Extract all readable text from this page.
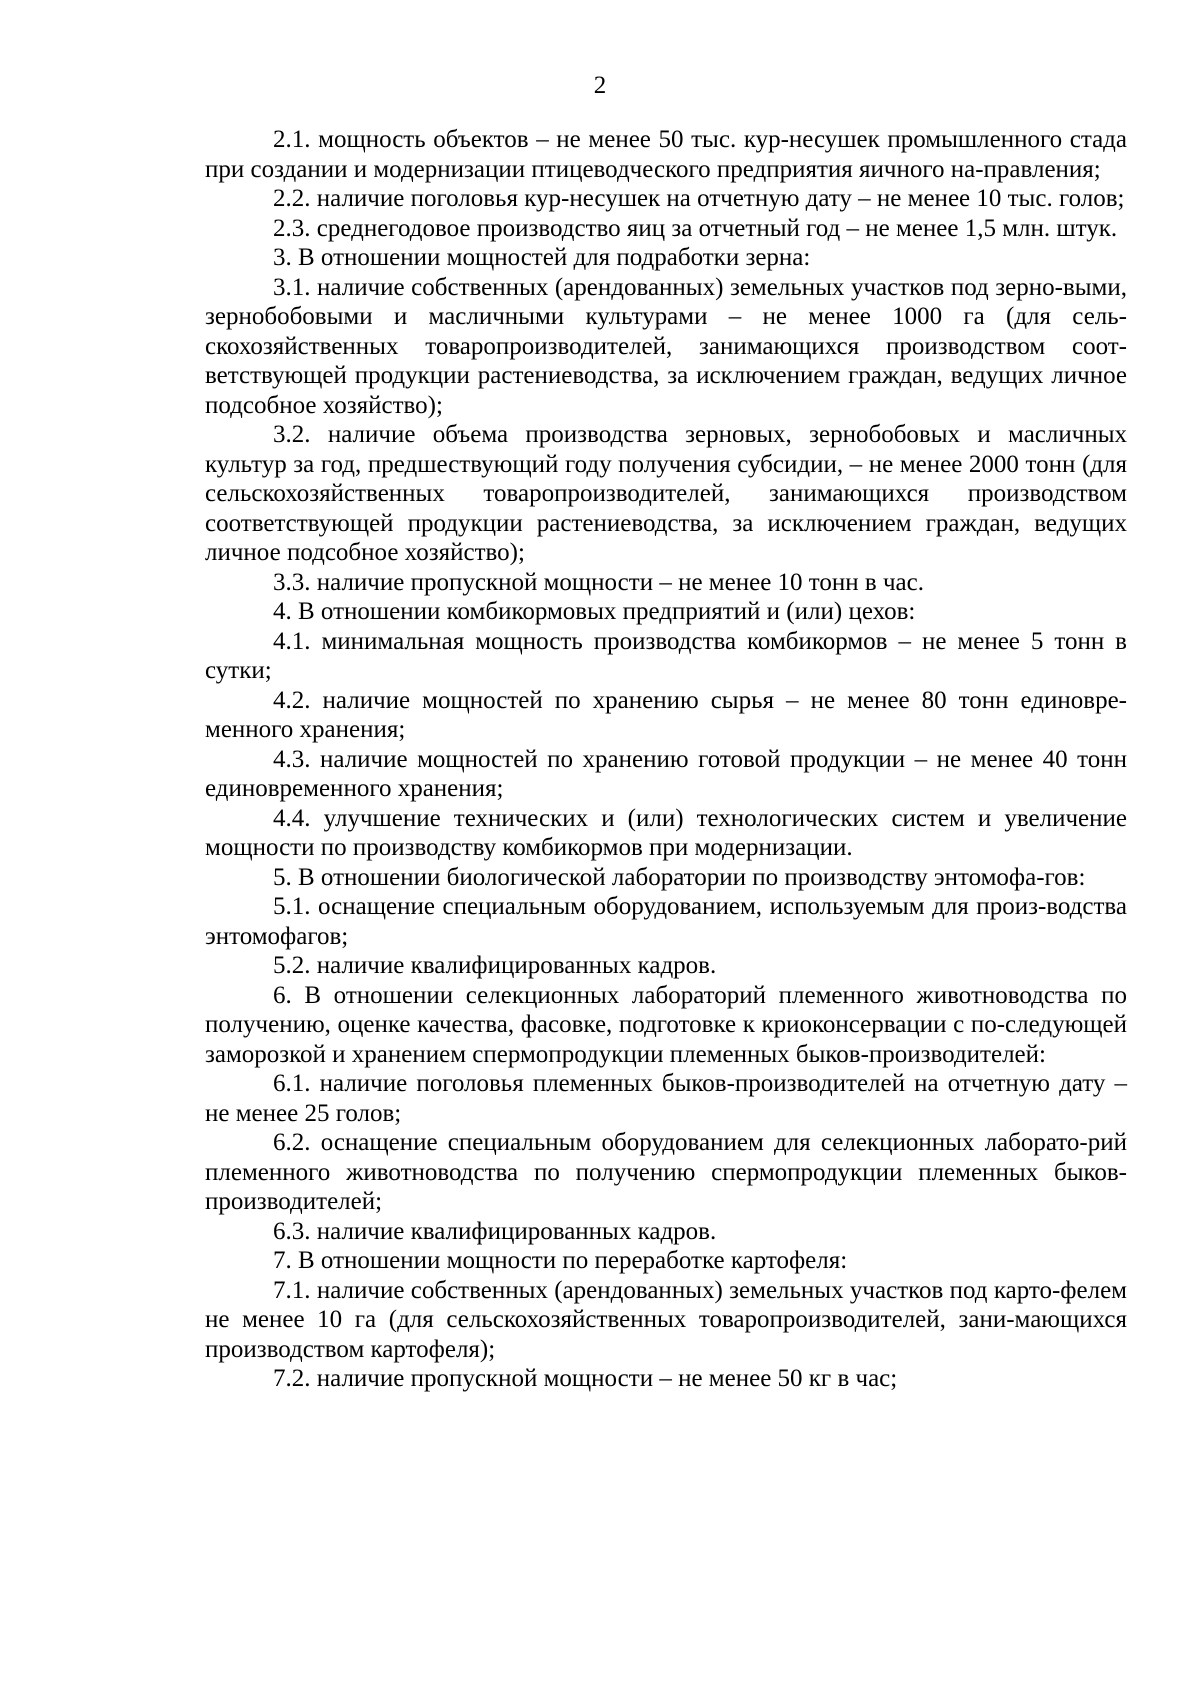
2

2.1. мощность объектов – не менее 50 тыс. кур-несушек промышленного стада при создании и модернизации птицеводческого предприятия яичного на-правления;

2.2. наличие поголовья кур-несушек на отчетную дату – не менее 10 тыс. голов;

2.3. среднегодовое производство яиц за отчетный год – не менее 1,5 млн. штук.

3. В отношении мощностей для подработки зерна:

3.1. наличие собственных (арендованных) земельных участков под зерно-выми, зернобобовыми и масличными культурами – не менее 1000 га (для сель-скохозяйственных товаропроизводителей, занимающихся производством соот-ветствующей продукции растениеводства, за исключением граждан, ведущих личное подсобное хозяйство);

3.2. наличие объема производства зерновых, зернобобовых и масличных культур за год, предшествующий году получения субсидии, – не менее 2000 тонн (для сельскохозяйственных товаропроизводителей, занимающихся производством соответствующей продукции растениеводства, за исключением граждан, ведущих личное подсобное хозяйство);

3.3. наличие пропускной мощности – не менее 10 тонн в час.

4. В отношении комбикормовых предприятий и (или) цехов:

4.1. минимальная мощность производства комбикормов – не менее 5 тонн в сутки;

4.2. наличие мощностей по хранению сырья – не менее 80 тонн единовре-менного хранения;

4.3. наличие мощностей по хранению готовой продукции – не менее 40 тонн единовременного хранения;

4.4. улучшение технических и (или) технологических систем и увеличение мощности по производству комбикормов при модернизации.

5. В отношении биологической лаборатории по производству энтомофа-гов:

5.1. оснащение специальным оборудованием, используемым для произ-водства энтомофагов;

5.2. наличие квалифицированных кадров.

6. В отношении селекционных лабораторий племенного животноводства по получению, оценке качества, фасовке, подготовке к криоконсервации с по-следующей заморозкой и хранением спермопродукции племенных быков-производителей:

6.1. наличие поголовья племенных быков-производителей на отчетную дату – не менее 25 голов;

6.2. оснащение специальным оборудованием для селекционных лаборато-рий племенного животноводства по получению спермопродукции племенных быков-производителей;

6.3. наличие квалифицированных кадров.

7. В отношении мощности по переработке картофеля:

7.1. наличие собственных (арендованных) земельных участков под карто-фелем не менее 10 га (для сельскохозяйственных товаропроизводителей, зани-мающихся производством картофеля);

7.2. наличие пропускной мощности – не менее 50 кг в час;
